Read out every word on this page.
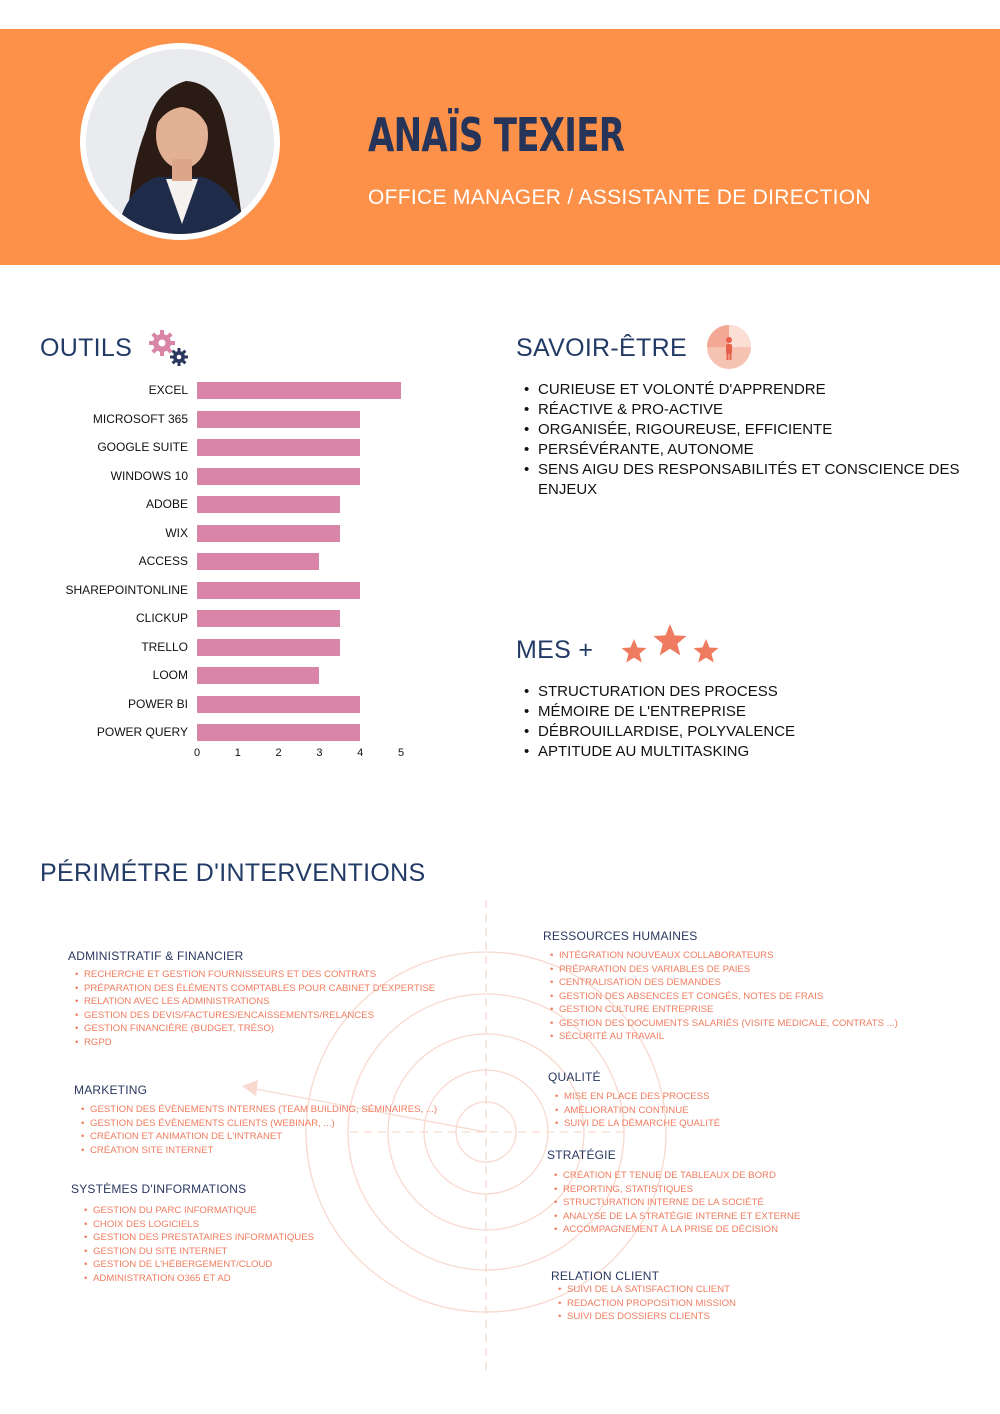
ANAÏS TEXIER
OFFICE MANAGER / ASSISTANTE DE DIRECTION
OUTILS
EXCEL
MICROSOFT 365
GOOGLE SUITE
WINDOWS 10
ADOBE
WIX
ACCESS
SHAREPOINTONLINE
CLICKUP
TRELLO
LOOM
POWER BI
POWER QUERY
0	1	2	3	4	5
SAVOIR-ÊTRE
• CURIEUSE ET VOLONTÉ D'APPRENDRE
• RÉACTIVE & PRO-ACTIVE
• ORGANISÉE, RIGOUREUSE, EFFICIENTE
• PERSÉVÉRANTE, AUTONOME
• SENS AIGU DES RESPONSABILITÉS ET CONSCIENCE DES ENJEUX
MES +
• STRUCTURATION DES PROCESS
• MÉMOIRE DE L'ENTREPRISE
• DÉBROUILLARDISE, POLYVALENCE
• APTITUDE AU MULTITASKING
PÉRIMÉTRE D'INTERVENTIONS
ADMINISTRATIF & FINANCIER
• RECHERCHE ET GESTION FOURNISSEURS ET DES CONTRATS
• PRÉPARATION DES ÉLÉMENTS COMPTABLES POUR CABINET D'EXPERTISE
• RELATION AVEC LES ADMINISTRATIONS
• GESTION DES DEVIS/FACTURES/ENCAISSEMENTS/RELANCES
• GESTION FINANCIÈRE (BUDGET, TRÉSO)
• RGPD
MARKETING
• GESTION DES ÉVÈNEMENTS INTERNES (TEAM BUILDING, SÉMINAIRES, ...)
• GESTION DES ÉVÈNEMENTS CLIENTS (WEBINAR, ...)
• CRÉATION ET ANIMATION DE L'INTRANET
• CRÉATION SITE INTERNET
SYSTÈMES D'INFORMATIONS
• GESTION DU PARC INFORMATIQUE
• CHOIX DES LOGICIELS
• GESTION DES PRESTATAIRES INFORMATIQUES
• GESTION DU SITE INTERNET
• GESTION DE L'HÉBERGEMENT/CLOUD
• ADMINISTRATION O365 ET AD
RESSOURCES HUMAINES
• INTÉGRATION NOUVEAUX COLLABORATEURS
• PRÉPARATION DES VARIABLES DE PAIES
• CENTRALISATION DES DEMANDES
• GESTION DES ABSENCES ET CONGÉS, NOTES DE FRAIS
• GESTION CULTURE ENTREPRISE
• GESTION DES DOCUMENTS SALARIÉS (VISITE MEDICALE, CONTRATS ...)
• SÉCURITÉ AU TRAVAIL
QUALITÉ
• MISE EN PLACE DES PROCESS
• AMÉLIORATION CONTINUE
• SUIVI DE LA DÉMARCHE QUALITÉ
STRATÉGIE
• CRÉATION ET TENUE DE TABLEAUX DE BORD
• REPORTING, STATISTIQUES
• STRUCTURATION INTERNE DE LA SOCIÉTÉ
• ANALYSE DE LA STRATÉGIE INTERNE ET EXTERNE
• ACCOMPAGNEMENT À LA PRISE DE DÉCISION
RELATION CLIENT
• SUIVI DE LA SATISFACTION CLIENT
• REDACTION PROPOSITION MISSION
• SUIVI DES DOSSIERS CLIENTS
